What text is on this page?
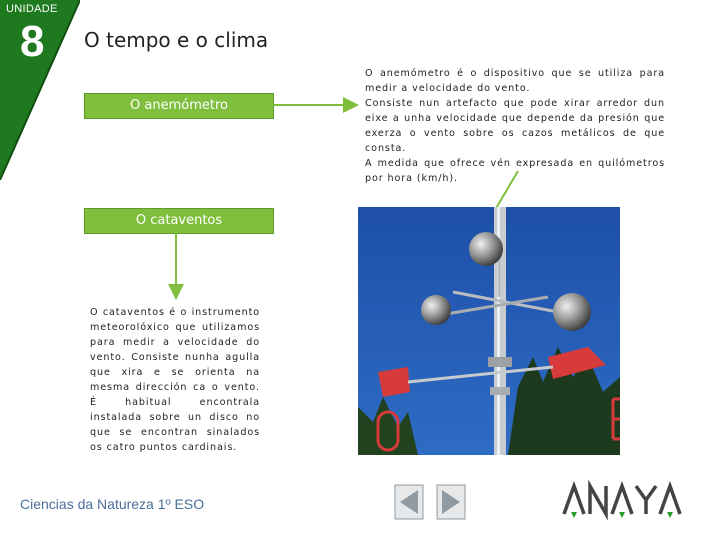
UNIDADE
8 O tempo e o clima
O anemómetro
O cataventos

O anemómetro é o dispositivo que se utiliza para medir a velocidade do vento.

Consiste nun artefacto que pode xirar arredor dun eixe a unha velocidade que depende da presión que exerza o vento sobre os cazos metálicos de que consta.

A medida que ofrece vén expresada en quilómetros por hora (km/h).

O cataventos é o instrumento meteorolóxico que utilizamos para medir a velocidade do vento. Consiste nunha agulla que xira e se orienta na mesma dirección ca o vento. É habitual encontrala instalada sobre un disco no que se encontran sinalados os catro puntos cardinais.

Ciencias da Natureza 1º ESO
